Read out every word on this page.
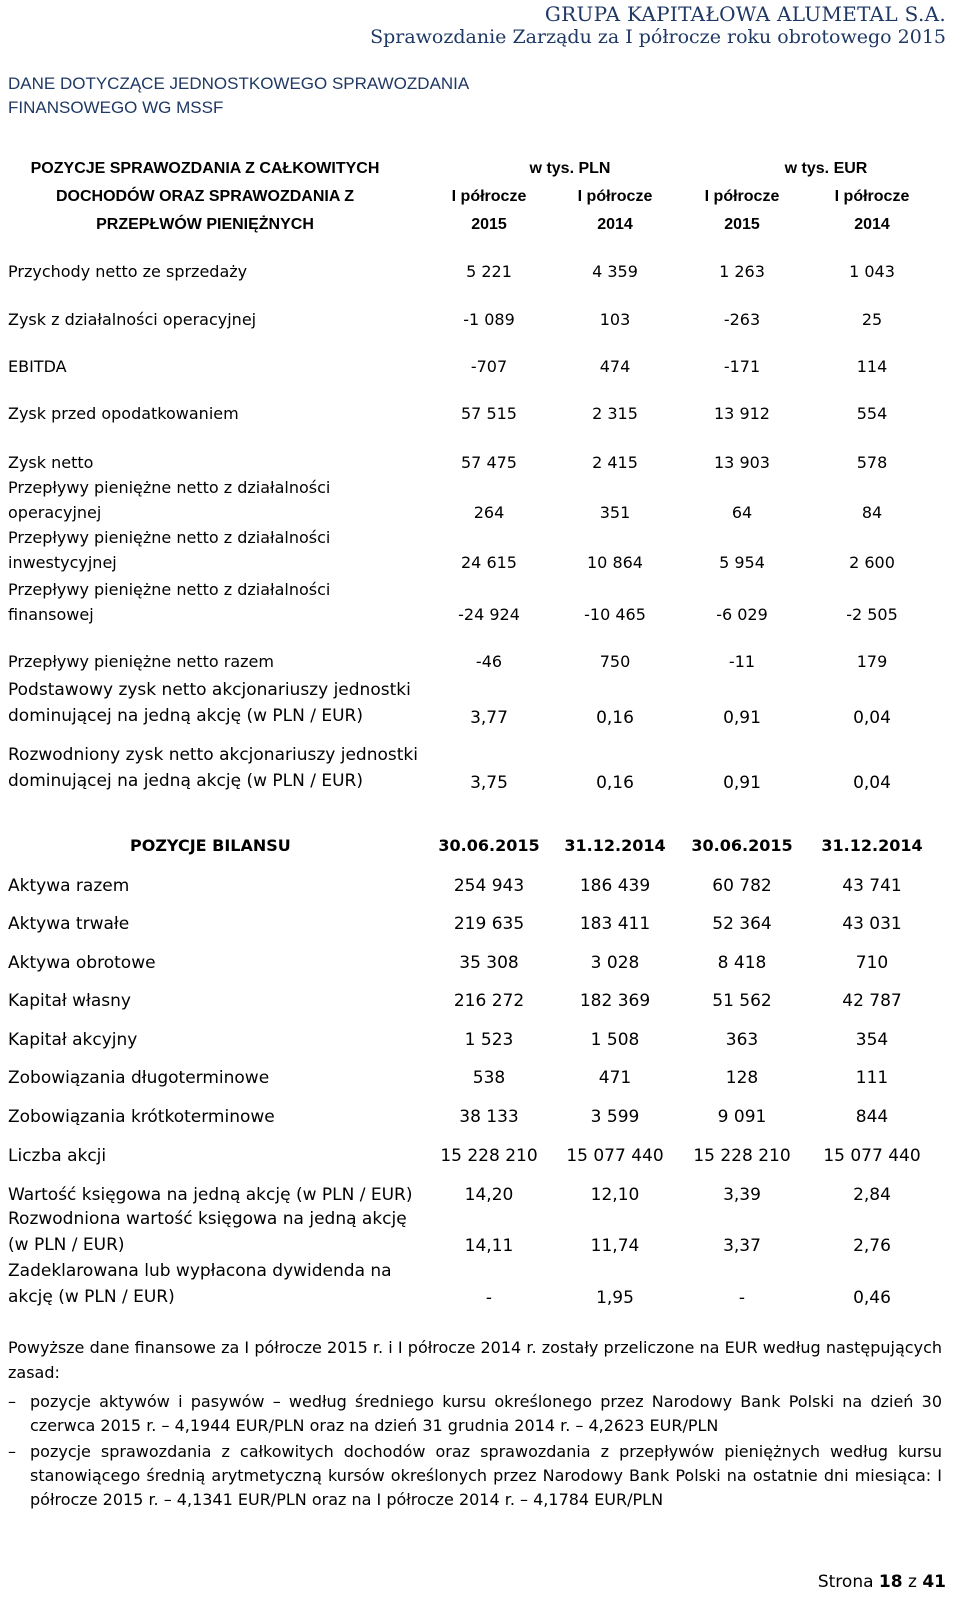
GRUPA KAPITAŁOWA ALUMETAL S.A.
Sprawozdanie Zarządu za I półrocze roku obrotowego 2015
DANE DOTYCZĄCE JEDNOSTKOWEGO SPRAWOZDANIA
FINANSOWEGO WG MSSF
POZYCJE SPRAWOZDANIA Z CAŁKOWITYCH
DOCHODÓW ORAZ SPRAWOZDANIA Z
PRZEPŁWÓW PIENIĘŻNYCH
w tys. PLN	w tys. EUR
I półrocze	I półrocze	I półrocze	I półrocze
2015	2014	2015	2014
Przychody netto ze sprzedaży	5 221	4 359	1 263	1 043
Zysk z działalności operacyjnej	-1 089	103	-263	25
EBITDA	-707	474	-171	114
Zysk przed opodatkowaniem	57 515	2 315	13 912	554
Zysk netto	57 475	2 415	13 903	578
Przepływy pieniężne netto z działalności
operacyjnej	264	351	64	84
Przepływy pieniężne netto z działalności
inwestycyjnej	24 615	10 864	5 954	2 600
Przepływy pieniężne netto z działalności
finansowej	-24 924	-10 465	-6 029	-2 505
Przepływy pieniężne netto razem	-46	750	-11	179
Podstawowy zysk netto akcjonariuszy jednostki
dominującej na jedną akcję (w PLN / EUR)	3,77	0,16	0,91	0,04
Rozwodniony zysk netto akcjonariuszy jednostki
dominującej na jedną akcję (w PLN / EUR)	3,75	0,16	0,91	0,04
POZYCJE BILANSU	30.06.2015	31.12.2014	30.06.2015	31.12.2014
Aktywa razem	254 943	186 439	60 782	43 741
Aktywa trwałe	219 635	183 411	52 364	43 031
Aktywa obrotowe	35 308	3 028	8 418	710
Kapitał własny	216 272	182 369	51 562	42 787
Kapitał akcyjny	1 523	1 508	363	354
Zobowiązania długoterminowe	538	471	128	111
Zobowiązania krótkoterminowe	38 133	3 599	9 091	844
Liczba akcji	15 228 210	15 077 440	15 228 210	15 077 440
Wartość księgowa na jedną akcję (w PLN / EUR)	14,20	12,10	3,39	2,84
Rozwodniona wartość księgowa na jedną akcję
(w PLN / EUR)	14,11	11,74	3,37	2,76
Zadeklarowana lub wypłacona dywidenda na
akcję (w PLN / EUR)	-	1,95	-	0,46
Powyższe dane finansowe za I półrocze 2015 r. i I półrocze 2014 r. zostały przeliczone na EUR według następujących zasad:
– pozycje aktywów i pasywów – według średniego kursu określonego przez Narodowy Bank Polski na dzień 30 czerwca 2015 r. – 4,1944 EUR/PLN oraz na dzień 31 grudnia 2014 r. – 4,2623 EUR/PLN
– pozycje sprawozdania z całkowitych dochodów oraz sprawozdania z przepływów pieniężnych według kursu stanowiącego średnią arytmetyczną kursów określonych przez Narodowy Bank Polski na ostatnie dni miesiąca: I półrocze 2015 r. – 4,1341 EUR/PLN oraz na I półrocze 2014 r. – 4,1784 EUR/PLN
Strona 18 z 41
